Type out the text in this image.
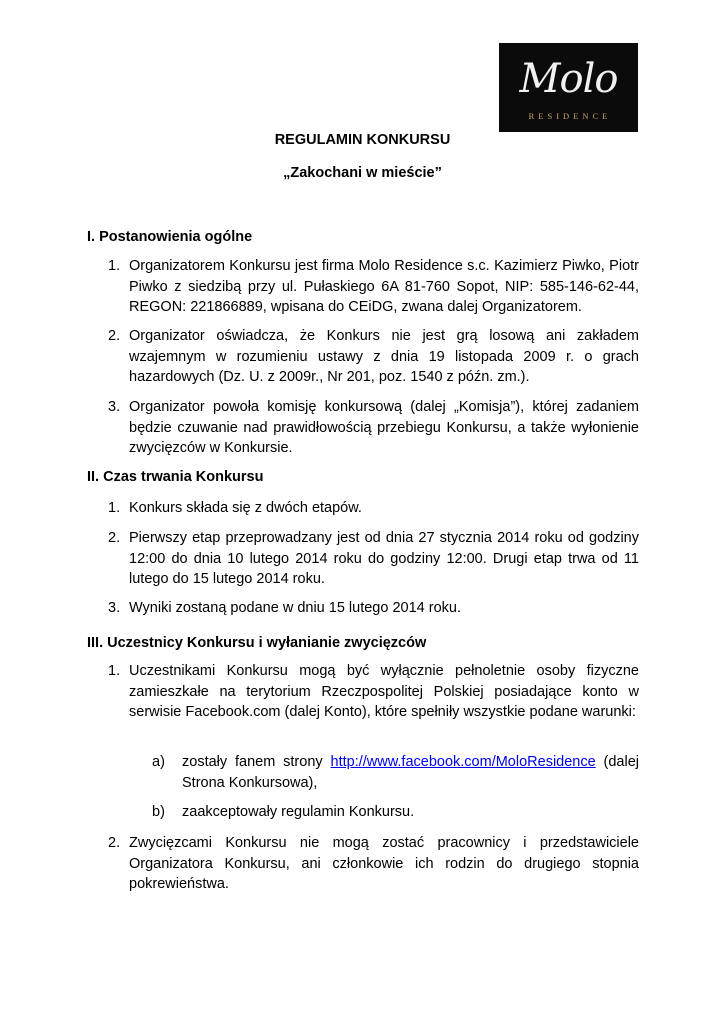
Molo
RESIDENCE
REGULAMIN KONKURSU
„Zakochani w mieście”
I. Postanowienia ogólne
1. Organizatorem Konkursu jest firma Molo Residence s.c. Kazimierz Piwko, Piotr Piwko z siedzibą przy ul. Pułaskiego 6A 81-760 Sopot, NIP: 585-146-62-44, REGON: 221866889, wpisana do CEiDG, zwana dalej Organizatorem.
2. Organizator oświadcza, że Konkurs nie jest grą losową ani zakładem wzajemnym w rozumieniu ustawy z dnia 19 listopada 2009 r. o grach hazardowych (Dz. U. z 2009r., Nr 201, poz. 1540 z późn. zm.).
3. Organizator powoła komisję konkursową (dalej „Komisja”), której zadaniem będzie czuwanie nad prawidłowością przebiegu Konkursu, a także wyłonienie zwycięzców w Konkursie.
II. Czas trwania Konkursu
1. Konkurs składa się z dwóch etapów.
2. Pierwszy etap przeprowadzany jest od dnia 27 stycznia 2014 roku od godziny 12:00 do dnia 10 lutego 2014 roku do godziny 12:00. Drugi etap trwa od 11 lutego do 15 lutego 2014 roku.
3. Wyniki zostaną podane w dniu 15 lutego 2014 roku.
III. Uczestnicy Konkursu i wyłanianie zwycięzców
1. Uczestnikami Konkursu mogą być wyłącznie pełnoletnie osoby fizyczne zamieszkałe na terytorium Rzeczpospolitej Polskiej posiadające konto w serwisie Facebook.com (dalej Konto), które spełniły wszystkie podane warunki:
a) zostały fanem strony http://www.facebook.com/MoloResidence (dalej Strona Konkursowa),
b) zaakceptowały regulamin Konkursu.
2. Zwycięzcami Konkursu nie mogą zostać pracownicy i przedstawiciele Organizatora Konkursu, ani członkowie ich rodzin do drugiego stopnia pokrewieństwa.
